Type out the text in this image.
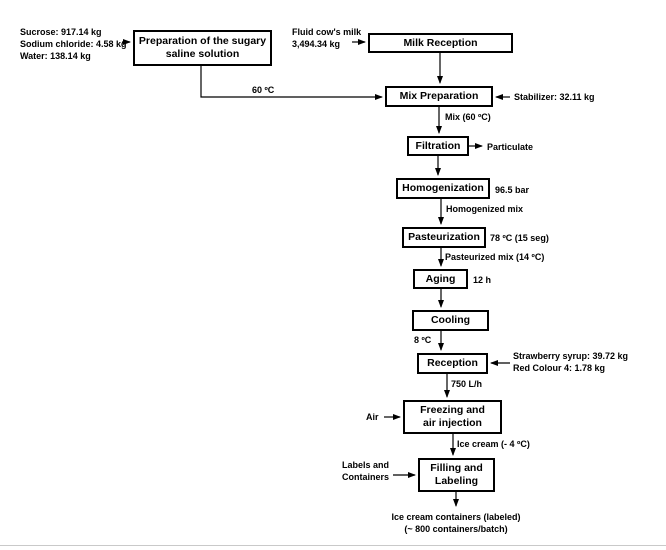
Preparation of the sugary
saline solution
Milk Reception
Mix Preparation
Filtration
Homogenization
Pasteurization
Aging
Cooling
Reception
Freezing and
air injection
Filling and
Labeling
Sucrose: 917.14 kg
Sodium chloride: 4.58 kg
Water: 138.14 kg
Fluid cow's milk
3,494.34 kg
60 ºC
Stabilizer: 32.11 kg
Mix (60 ºC)
Particulate
96.5 bar
Homogenized mix
78 ºC (15 seg)
Pasteurized mix (14 ºC)
12 h
8 ºC
Strawberry syrup: 39.72 kg
Red Colour 4: 1.78 kg
750 L/h
Air
Ice cream (- 4 ºC)
Labels and
Containers
Ice cream containers (labeled)
(~ 800 containers/batch)
